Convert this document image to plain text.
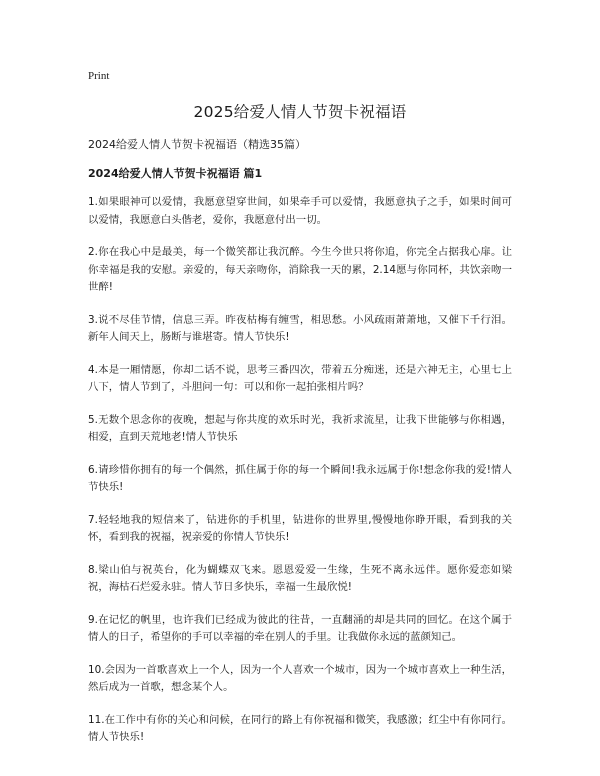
Print
2025给爱人情人节贺卡祝福语

2024给爱人情人节贺卡祝福语（精选35篇）

2024给爱人情人节贺卡祝福语 篇1

1.如果眼神可以爱情，我愿意望穿世间，如果牵手可以爱情，我愿意执子之手，如果时间可以爱情，我愿意白头偕老，爱你，我愿意付出一切。

2.你在我心中是最美，每一个微笑都让我沉醉。今生今世只将你追，你完全占据我心扉。让你幸福是我的安慰。亲爱的，每天亲吻你，消除我一天的累，2.14愿与你同杯，共饮亲吻一世醉!

3.说不尽佳节情，信息三弄。昨夜枯梅有缠雪，相思愁。小风疏雨萧萧地，又催下千行泪。新年人间天上，肠断与谁堪寄。情人节快乐!

4.本是一厢情愿，你却二话不说，思考三番四次，带着五分痴迷，还是六神无主，心里七上八下，情人节到了，斗胆问一句：可以和你一起拍张相片吗？

5.无数个思念你的夜晚，想起与你共度的欢乐时光，我祈求流星，让我下世能够与你相遇，相爱，直到天荒地老!情人节快乐

6.请珍惜你拥有的每一个偶然，抓住属于你的每一个瞬间!我永远属于你!想念你我的爱!情人节快乐!

7.轻轻地我的短信来了，钻进你的手机里，钻进你的世界里,慢慢地你睁开眼，看到我的关怀，看到我的祝福，祝亲爱的你情人节快乐!

8.梁山伯与祝英台，化为蝴蝶双飞来。恩恩爱爱一生缘，生死不离永远伴。愿你爱恋如梁祝，海枯石烂爱永驻。情人节日多快乐，幸福一生最欣悦!

9.在记忆的帆里，也许我们已经成为彼此的往昔，一直翻涌的却是共同的回忆。在这个属于情人的日子，希望你的手可以幸福的牵在别人的手里。让我做你永远的蓝颜知己。

10.会因为一首歌喜欢上一个人，因为一个人喜欢一个城市，因为一个城市喜欢上一种生活，然后成为一首歌，想念某个人。

11.在工作中有你的关心和问候，在同行的路上有你祝福和微笑，我感激；红尘中有你同行。情人节快乐!
